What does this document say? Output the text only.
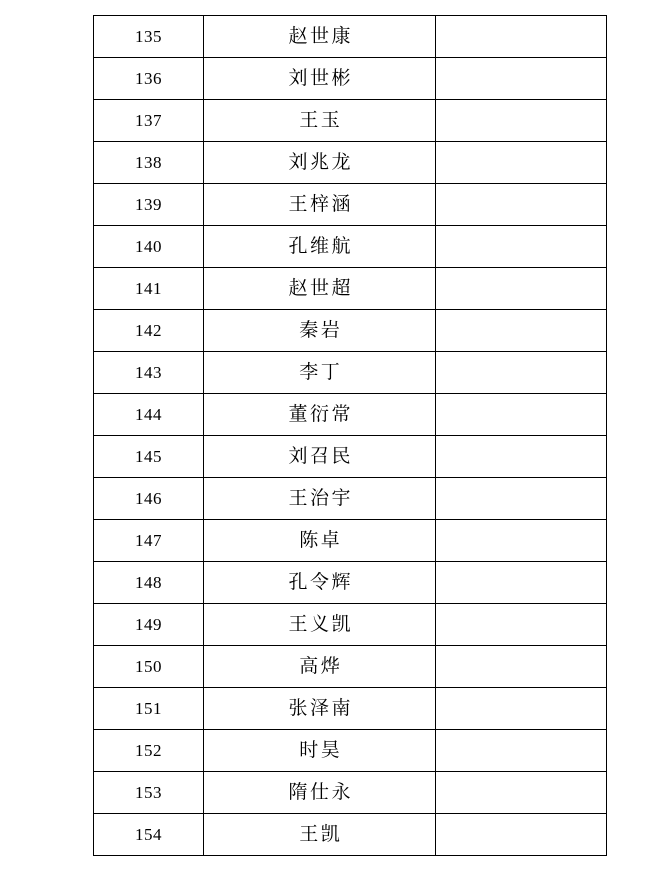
135	赵世康	
136	刘世彬	
137	王玉	
138	刘兆龙	
139	王梓涵	
140	孔维航	
141	赵世超	
142	秦岩	
143	李丁	
144	董衍常	
145	刘召民	
146	王治宇	
147	陈卓	
148	孔令辉	
149	王义凯	
150	高烨	
151	张泽南	
152	时昊	
153	隋仕永	
154	王凯	
